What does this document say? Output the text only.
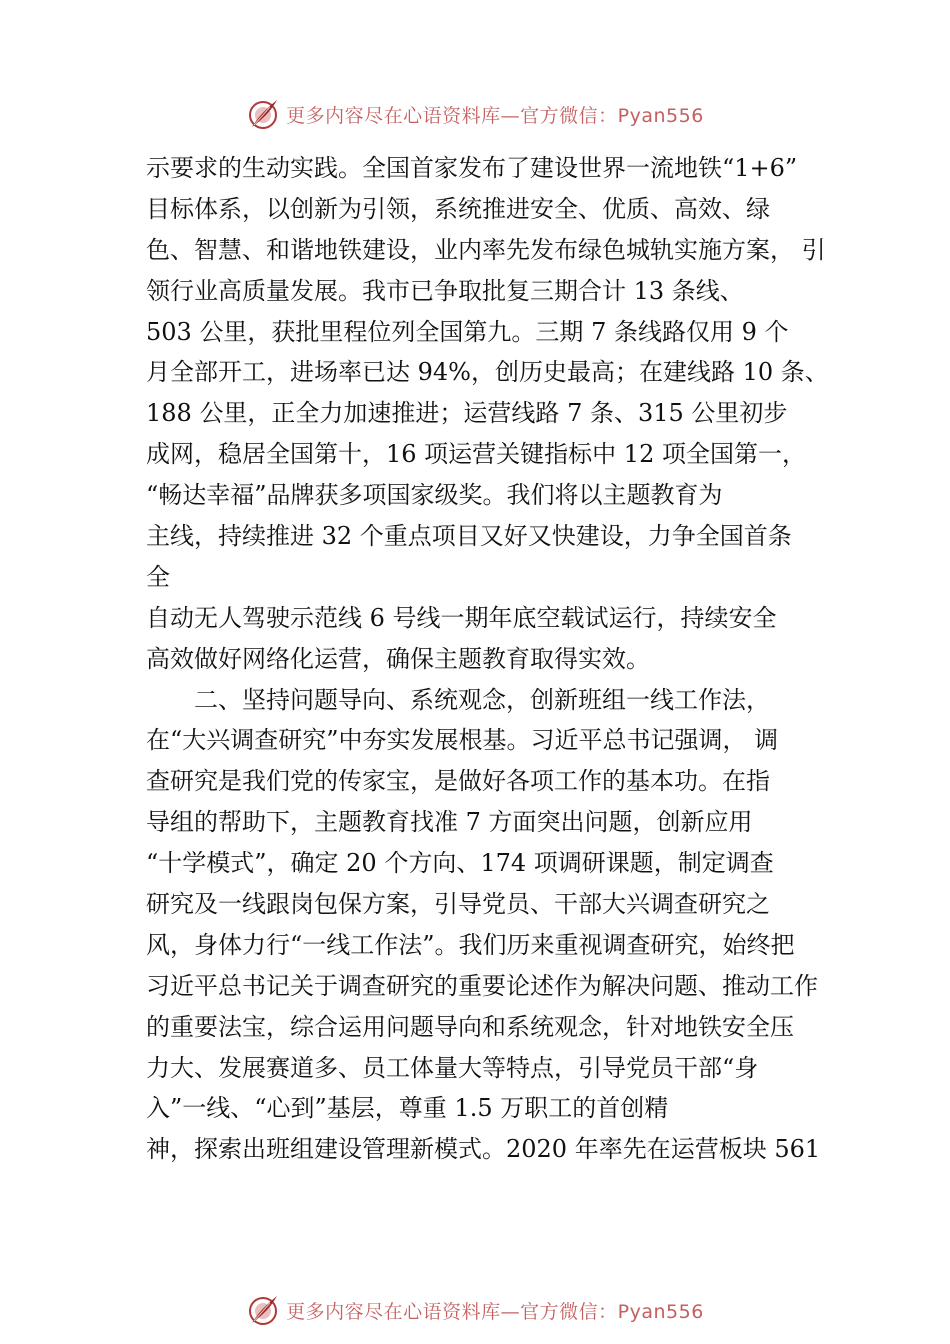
更多内容尽在心语资料库—官方微信：Pyan556
示要求的生动实践。全国首家发布了建设世界一流地铁“1+6”
目标体系，以创新为引领，系统推进安全、优质、高效、绿
色、智慧、和谐地铁建设，业内率先发布绿色城轨实施方案， 引
领行业高质量发展。我市已争取批复三期合计 13 条线、
503 公里，获批里程位列全国第九。三期 7 条线路仅用 9 个
月全部开工，进场率已达 94%，创历史最高；在建线路 10 条、
188 公里，正全力加速推进；运营线路 7 条、315 公里初步
成网，稳居全国第十，16 项运营关键指标中 12 项全国第一，
“畅达幸福”品牌获多项国家级奖。我们将以主题教育为
主线，持续推进 32 个重点项目又好又快建设，力争全国首条
全
自动无人驾驶示范线 6 号线一期年底空载试运行，持续安全
高效做好网络化运营，确保主题教育取得实效。
　　二、坚持问题导向、系统观念，创新班组一线工作法，
在“大兴调查研究”中夯实发展根基。习近平总书记强调， 调
查研究是我们党的传家宝，是做好各项工作的基本功。在指
导组的帮助下，主题教育找准 7 方面突出问题，创新应用
“十学模式”，确定 20 个方向、174 项调研课题，制定调查
研究及一线跟岗包保方案，引导党员、干部大兴调查研究之
风，身体力行“一线工作法”。我们历来重视调查研究，始终把
习近平总书记关于调查研究的重要论述作为解决问题、推动工作
的重要法宝，综合运用问题导向和系统观念，针对地铁安全压
力大、发展赛道多、员工体量大等特点，引导党员干部“身
入”一线、“心到”基层，尊重 1.5 万职工的首创精
神，探索出班组建设管理新模式。2020 年率先在运营板块 561
更多内容尽在心语资料库—官方微信：Pyan556
